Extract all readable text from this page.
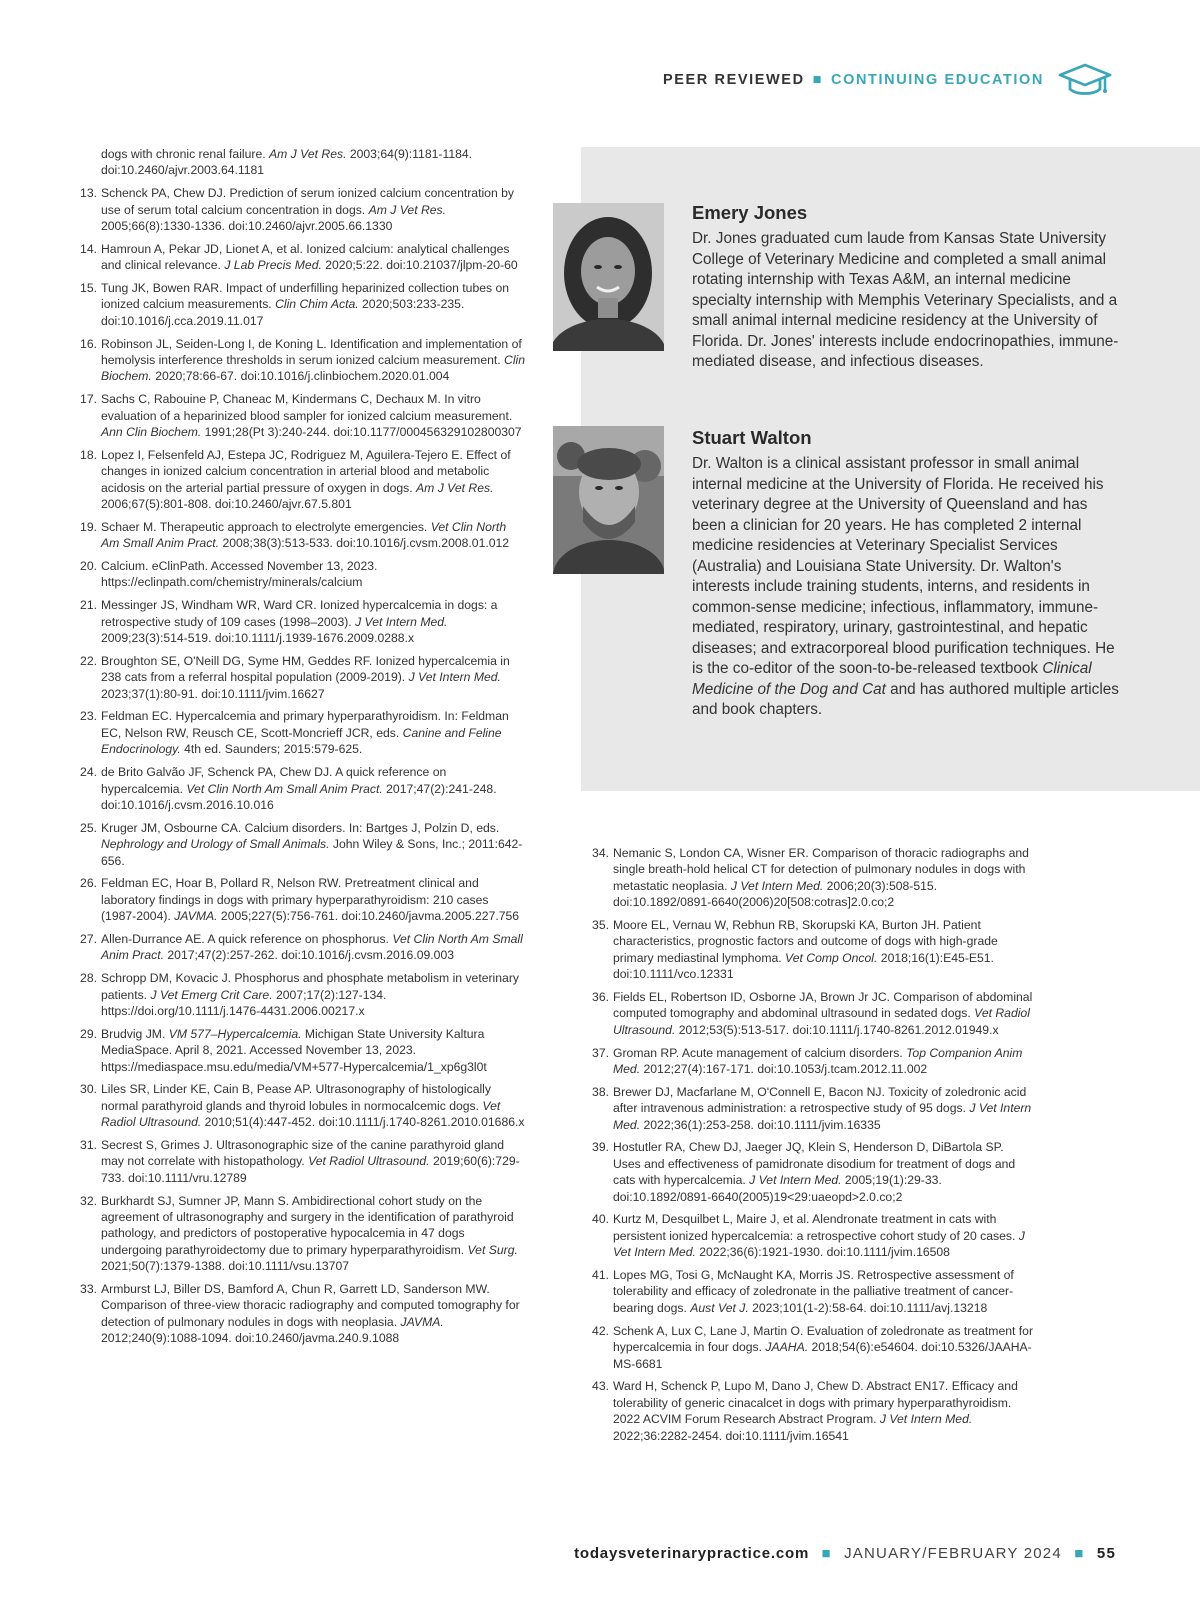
PEER REVIEWED ■ CONTINUING EDUCATION
dogs with chronic renal failure. Am J Vet Res. 2003;64(9):1181-1184. doi:10.2460/ajvr.2003.64.1181
13. Schenck PA, Chew DJ. Prediction of serum ionized calcium concentration by use of serum total calcium concentration in dogs. Am J Vet Res. 2005;66(8):1330-1336. doi:10.2460/ajvr.2005.66.1330
14. Hamroun A, Pekar JD, Lionet A, et al. Ionized calcium: analytical challenges and clinical relevance. J Lab Precis Med. 2020;5:22. doi:10.21037/jlpm-20-60
15. Tung JK, Bowen RAR. Impact of underfilling heparinized collection tubes on ionized calcium measurements. Clin Chim Acta. 2020;503:233-235. doi:10.1016/j.cca.2019.11.017
16. Robinson JL, Seiden-Long I, de Koning L. Identification and implementation of hemolysis interference thresholds in serum ionized calcium measurement. Clin Biochem. 2020;78:66-67. doi:10.1016/j.clinbiochem.2020.01.004
17. Sachs C, Rabouine P, Chaneac M, Kindermans C, Dechaux M. In vitro evaluation of a heparinized blood sampler for ionized calcium measurement. Ann Clin Biochem. 1991;28(Pt 3):240-244. doi:10.1177/000456329102800307
18. Lopez I, Felsenfeld AJ, Estepa JC, Rodriguez M, Aguilera-Tejero E. Effect of changes in ionized calcium concentration in arterial blood and metabolic acidosis on the arterial partial pressure of oxygen in dogs. Am J Vet Res. 2006;67(5):801-808. doi:10.2460/ajvr.67.5.801
19. Schaer M. Therapeutic approach to electrolyte emergencies. Vet Clin North Am Small Anim Pract. 2008;38(3):513-533. doi:10.1016/j.cvsm.2008.01.012
20. Calcium. eClinPath. Accessed November 13, 2023. https://eclinpath.com/chemistry/minerals/calcium
21. Messinger JS, Windham WR, Ward CR. Ionized hypercalcemia in dogs: a retrospective study of 109 cases (1998–2003). J Vet Intern Med. 2009;23(3):514-519. doi:10.1111/j.1939-1676.2009.0288.x
22. Broughton SE, O'Neill DG, Syme HM, Geddes RF. Ionized hypercalcemia in 238 cats from a referral hospital population (2009-2019). J Vet Intern Med. 2023;37(1):80-91. doi:10.1111/jvim.16627
23. Feldman EC. Hypercalcemia and primary hyperparathyroidism. In: Feldman EC, Nelson RW, Reusch CE, Scott-Moncrieff JCR, eds. Canine and Feline Endocrinology. 4th ed. Saunders; 2015:579-625.
24. de Brito Galvão JF, Schenck PA, Chew DJ. A quick reference on hypercalcemia. Vet Clin North Am Small Anim Pract. 2017;47(2):241-248. doi:10.1016/j.cvsm.2016.10.016
25. Kruger JM, Osbourne CA. Calcium disorders. In: Bartges J, Polzin D, eds. Nephrology and Urology of Small Animals. John Wiley & Sons, Inc.; 2011:642-656.
26. Feldman EC, Hoar B, Pollard R, Nelson RW. Pretreatment clinical and laboratory findings in dogs with primary hyperparathyroidism: 210 cases (1987-2004). JAVMA. 2005;227(5):756-761. doi:10.2460/javma.2005.227.756
27. Allen-Durrance AE. A quick reference on phosphorus. Vet Clin North Am Small Anim Pract. 2017;47(2):257-262. doi:10.1016/j.cvsm.2016.09.003
28. Schropp DM, Kovacic J. Phosphorus and phosphate metabolism in veterinary patients. J Vet Emerg Crit Care. 2007;17(2):127-134. https://doi.org/10.1111/j.1476-4431.2006.00217.x
29. Brudvig JM. VM 577–Hypercalcemia. Michigan State University Kaltura MediaSpace. April 8, 2021. Accessed November 13, 2023. https://mediaspace.msu.edu/media/VM+577-Hypercalcemia/1_xp6g3l0t
30. Liles SR, Linder KE, Cain B, Pease AP. Ultrasonography of histologically normal parathyroid glands and thyroid lobules in normocalcemic dogs. Vet Radiol Ultrasound. 2010;51(4):447-452. doi:10.1111/j.1740-8261.2010.01686.x
31. Secrest S, Grimes J. Ultrasonographic size of the canine parathyroid gland may not correlate with histopathology. Vet Radiol Ultrasound. 2019;60(6):729-733. doi:10.1111/vru.12789
32. Burkhardt SJ, Sumner JP, Mann S. Ambidirectional cohort study on the agreement of ultrasonography and surgery in the identification of parathyroid pathology, and predictors of postoperative hypocalcemia in 47 dogs undergoing parathyroidectomy due to primary hyperparathyroidism. Vet Surg. 2021;50(7):1379-1388. doi:10.1111/vsu.13707
33. Armburst LJ, Biller DS, Bamford A, Chun R, Garrett LD, Sanderson MW. Comparison of three-view thoracic radiography and computed tomography for detection of pulmonary nodules in dogs with neoplasia. JAVMA. 2012;240(9):1088-1094. doi:10.2460/javma.240.9.1088
Emery Jones
Dr. Jones graduated cum laude from Kansas State University College of Veterinary Medicine and completed a small animal rotating internship with Texas A&M, an internal medicine specialty internship with Memphis Veterinary Specialists, and a small animal internal medicine residency at the University of Florida. Dr. Jones' interests include endocrinopathies, immune-mediated disease, and infectious diseases.
Stuart Walton
Dr. Walton is a clinical assistant professor in small animal internal medicine at the University of Florida. He received his veterinary degree at the University of Queensland and has been a clinician for 20 years. He has completed 2 internal medicine residencies at Veterinary Specialist Services (Australia) and Louisiana State University. Dr. Walton's interests include training students, interns, and residents in common-sense medicine; infectious, inflammatory, immune-mediated, respiratory, urinary, gastrointestinal, and hepatic diseases; and extracorporeal blood purification techniques. He is the co-editor of the soon-to-be-released textbook Clinical Medicine of the Dog and Cat and has authored multiple articles and book chapters.
34. Nemanic S, London CA, Wisner ER. Comparison of thoracic radiographs and single breath-hold helical CT for detection of pulmonary nodules in dogs with metastatic neoplasia. J Vet Intern Med. 2006;20(3):508-515. doi:10.1892/0891-6640(2006)20[508:cotras]2.0.co;2
35. Moore EL, Vernau W, Rebhun RB, Skorupski KA, Burton JH. Patient characteristics, prognostic factors and outcome of dogs with high-grade primary mediastinal lymphoma. Vet Comp Oncol. 2018;16(1):E45-E51. doi:10.1111/vco.12331
36. Fields EL, Robertson ID, Osborne JA, Brown Jr JC. Comparison of abdominal computed tomography and abdominal ultrasound in sedated dogs. Vet Radiol Ultrasound. 2012;53(5):513-517. doi:10.1111/j.1740-8261.2012.01949.x
37. Groman RP. Acute management of calcium disorders. Top Companion Anim Med. 2012;27(4):167-171. doi:10.1053/j.tcam.2012.11.002
38. Brewer DJ, Macfarlane M, O'Connell E, Bacon NJ. Toxicity of zoledronic acid after intravenous administration: a retrospective study of 95 dogs. J Vet Intern Med. 2022;36(1):253-258. doi:10.1111/jvim.16335
39. Hostutler RA, Chew DJ, Jaeger JQ, Klein S, Henderson D, DiBartola SP. Uses and effectiveness of pamidronate disodium for treatment of dogs and cats with hypercalcemia. J Vet Intern Med. 2005;19(1):29-33. doi:10.1892/0891-6640(2005)19<29:uaeopd>2.0.co;2
40. Kurtz M, Desquilbet L, Maire J, et al. Alendronate treatment in cats with persistent ionized hypercalcemia: a retrospective cohort study of 20 cases. J Vet Intern Med. 2022;36(6):1921-1930. doi:10.1111/jvim.16508
41. Lopes MG, Tosi G, McNaught KA, Morris JS. Retrospective assessment of tolerability and efficacy of zoledronate in the palliative treatment of cancer-bearing dogs. Aust Vet J. 2023;101(1-2):58-64. doi:10.1111/avj.13218
42. Schenk A, Lux C, Lane J, Martin O. Evaluation of zoledronate as treatment for hypercalcemia in four dogs. JAAHA. 2018;54(6):e54604. doi:10.5326/JAAHA-MS-6681
43. Ward H, Schenck P, Lupo M, Dano J, Chew D. Abstract EN17. Efficacy and tolerability of generic cinacalcet in dogs with primary hyperparathyroidism. 2022 ACVIM Forum Research Abstract Program. J Vet Intern Med. 2022;36:2282-2454. doi:10.1111/jvim.16541
todaysveterinarypractice.com ■ JANUARY/FEBRUARY 2024 ■ 55
